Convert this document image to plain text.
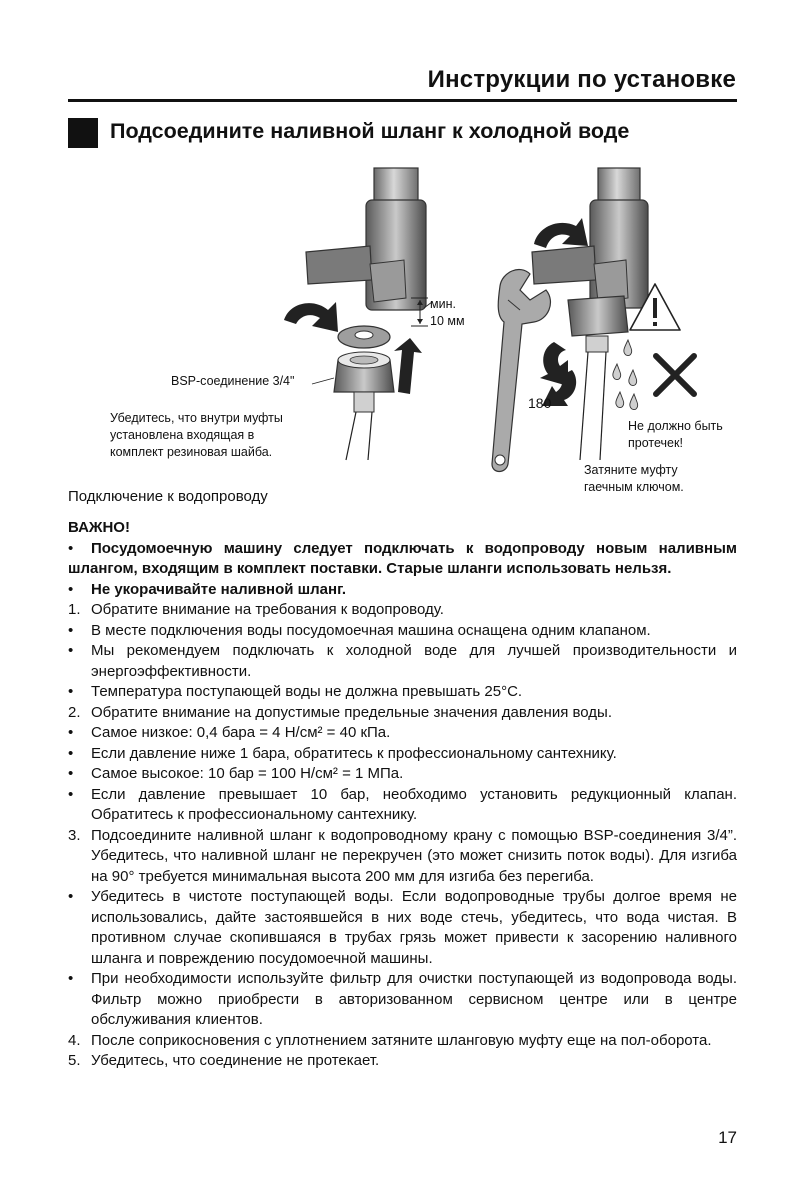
Инструкции по установке
Подсоедините наливной шланг к холодной воде
мин.
10 мм
BSP-соединение 3/4"
Убедитесь, что внутри муфты
установлена входящая в
комплект резиновая шайба.
180
Не должно быть
протечек!
Затяните муфту
гаечным ключом.
Подключение к водопроводу

ВАЖНО!

• Посудомоечную машину следует подключать к водопроводу новым наливным шлангом, входящим в комплект поставки. Старые шланги использовать нельзя.
•	Не укорачивайте наливной шланг.
1. Обратите внимание на требования к водопроводу.
•	В месте подключения воды посудомоечная машина оснащена одним клапаном.
•	Мы рекомендуем подключать к холодной воде для лучшей производительности и энергоэффективности.
•	Температура поступающей воды не должна превышать 25°C.
2. Обратите внимание на допустимые предельные значения давления воды.
•	Самое низкое: 0,4 бара = 4 Н/см² = 40 кПа.
•	Если давление ниже 1 бара, обратитесь к профессиональному сантехнику.
•	Самое высокое: 10 бар = 100 Н/см² = 1 МПа.
•	Если давление превышает 10 бар, необходимо установить редукционный клапан. Обратитесь к профессиональному сантехнику.
3. Подсоедините наливной шланг к водопроводному крану с помощью BSP-соединения 3/4”. Убедитесь, что наливной шланг не перекручен (это может снизить поток воды). Для изгиба на 90° требуется минимальная высота 200 мм для изгиба без перегиба.
•	Убедитесь в чистоте поступающей воды. Если водопроводные трубы долгое время не использовались, дайте застоявшейся в них воде стечь, убедитесь, что вода чистая. В противном случае скопившаяся в трубах грязь может привести к засорению наливного шланга и повреждению посудомоечной машины.
•	При необходимости используйте фильтр для очистки поступающей из водопровода воды. Фильтр можно приобрести в авторизованном сервисном центре или в центре обслуживания клиентов.
4. После соприкосновения с уплотнением затяните шланговую муфту еще на пол-оборота.
5. Убедитесь, что соединение не протекает.
17
